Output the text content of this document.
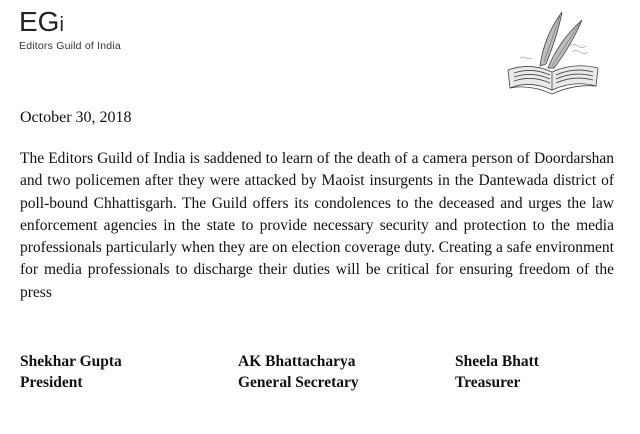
EGi
Editors Guild of India
October 30, 2018

The Editors Guild of India is saddened to learn of the death of a camera person of Doordarshan and two policemen after they were attacked by Maoist insurgents in the Dantewada district of poll-bound Chhattisgarh. The Guild offers its condolences to the deceased and urges the law enforcement agencies in the state to provide necessary security and protection to the media professionals particularly when they are on election coverage duty. Creating a safe environment for media professionals to discharge their duties will be critical for ensuring freedom of the press

Shekhar Gupta
President
AK Bhattacharya
General Secretary
Sheela Bhatt
Treasurer
